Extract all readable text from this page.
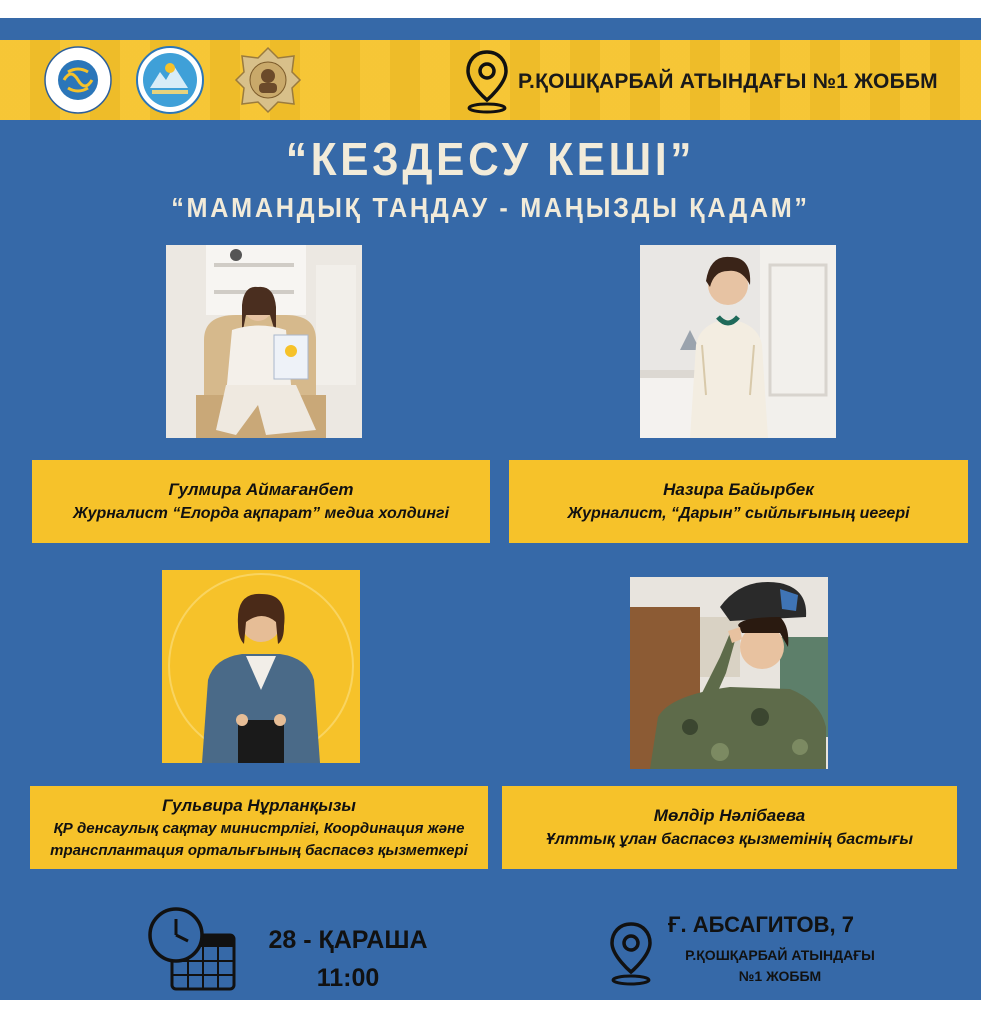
Р.ҚОШҚАРБАЙ АТЫНДАҒЫ №1 ЖОББМ
“КЕЗДЕСУ КЕШІ”
“МАМАНДЫҚ ТАҢДАУ - МАҢЫЗДЫ ҚАДАМ”
Гулмира Аймағанбет
Журналист “Елорда ақпарат” медиа холдингі
Назира Байырбек
Журналист, “Дарын” сыйлығының иегері
Гульвира Нұрланқызы
ҚР денсаулық сақтау министрлігі, Координация және
трансплантация орталығының баспасөз қызметкері
Мөлдір Нәлібаева
Ұлттық ұлан баспасөз қызметінің бастығы
28 - ҚАРАША
11:00
Ғ. АБСАГИТОВ, 7
Р.ҚОШҚАРБАЙ АТЫНДАҒЫ
№1 ЖОББМ
